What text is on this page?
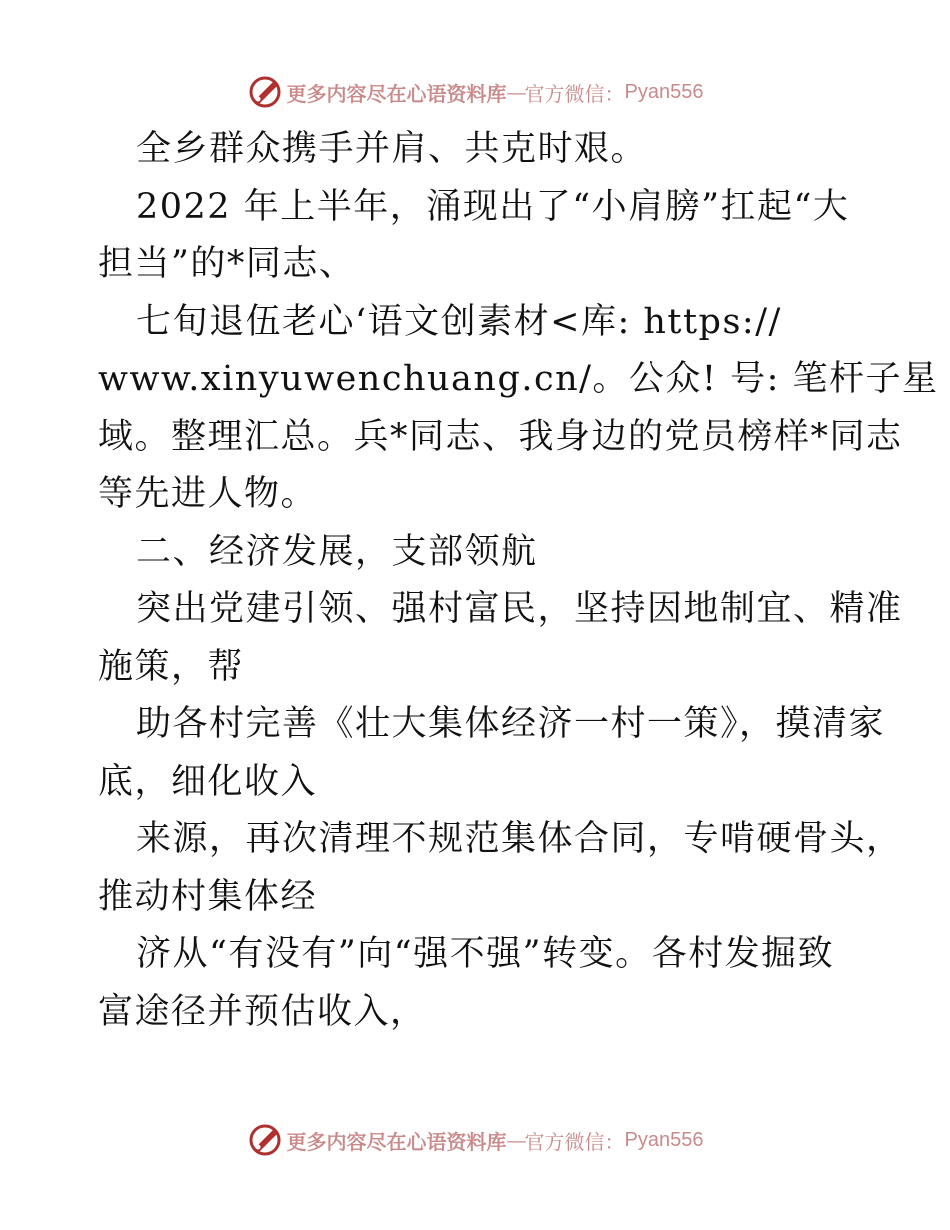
更多内容尽在心语资料库 — 官方微信： Pyan556
全乡群众携手并肩、共克时艰。
2022 年上半年，涌现出了“小肩膀”扛起“大
担当”的*同志、
七旬退伍老心‘语文创素材<库: https://
www.xinyuwenchuang.cn/。公众! 号: 笔杆子星
域。整理汇总。兵*同志、我身边的党员榜样*同志
等先进人物。
二、经济发展，支部领航
突出党建引领、强村富民，坚持因地制宜、精准
施策，帮
助各村完善《壮大集体经济一村一策》，摸清家
底，细化收入
来源，再次清理不规范集体合同，专啃硬骨头，
推动村集体经
济从“有没有”向“强不强”转变。各村发掘致
富途径并预估收入，
更多内容尽在心语资料库 — 官方微信： Pyan556
